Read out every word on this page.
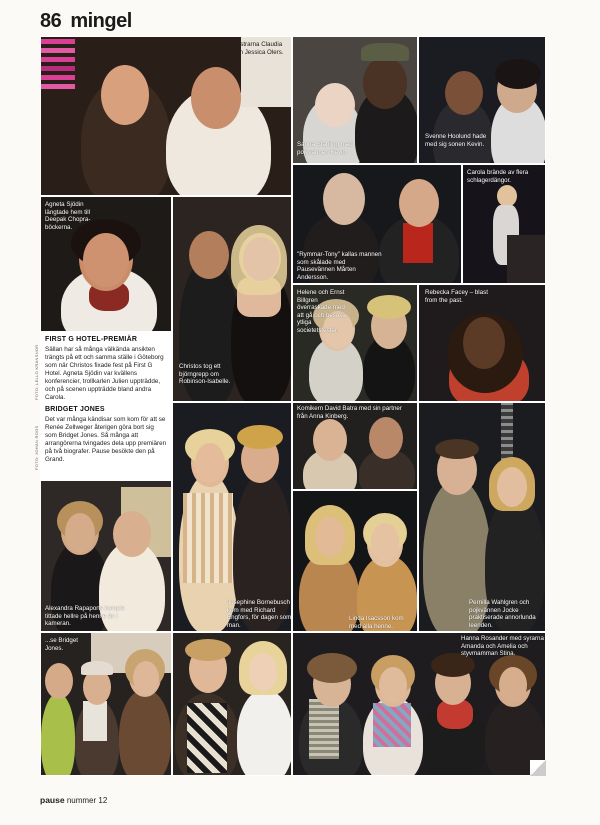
86 mingel
Systrarna Claudia och Jessica Olers.
Sanna Stabling med pojkvännen Kevin.
Svenne Hoolund hade med sig sonen Kevin.
Agneta Sjödin längtade hem till Deepak Chopra-böckerna.
FIRST G HOTEL-PREMIÄR

Sällan har så många välkända ansikten trängts på ett och samma ställe i Göteborg som när Christos fixade fest på First G Hotel. Agneta Sjödin var kvällens konferencier, trollkarlen Julien uppträdde, och på scenen uppträdde bland andra Carola.

Christos tog ett björngrepp om Robinson-Isabelle.
"Rymmar-Tony" kallas mannen som skålade med Pausevännen Mårten Andersson.
Carola brände av flera schlagerdängor.
Helene och Ernst Billgren överraskade med att gå och besöka ytliga societetsfester.
Rebecka Facey – blast from the past.
BRIDGET JONES

Det var många kändisar som kom för att se Renée Zellweger återigen göra bort sig som Bridget Jones. Så många att arrangörerna tvingades dela upp premiären på två biografer. Pause besökte den på Grand.

Alexandra Rapaports kompis tittade hellre på henne än i kameran.
Josephine Bornebusch kom med Richard Engfors, för dagen som man.
Komikern David Batra med sin partner från Anna Kinberg.
Linda Isacsson kom med alla henne.
Pernilla Wahlgren och pojkvännen Jocke praktiserade annorlunda leenden.
...se Bridget Jones.
Hanna Rosander med syrarna Amanda och Amelia och styvmamman Stina.
FOTO: LELLO KRANSNOR
FOTO: JOHAN ROOS
pause nummer 12
